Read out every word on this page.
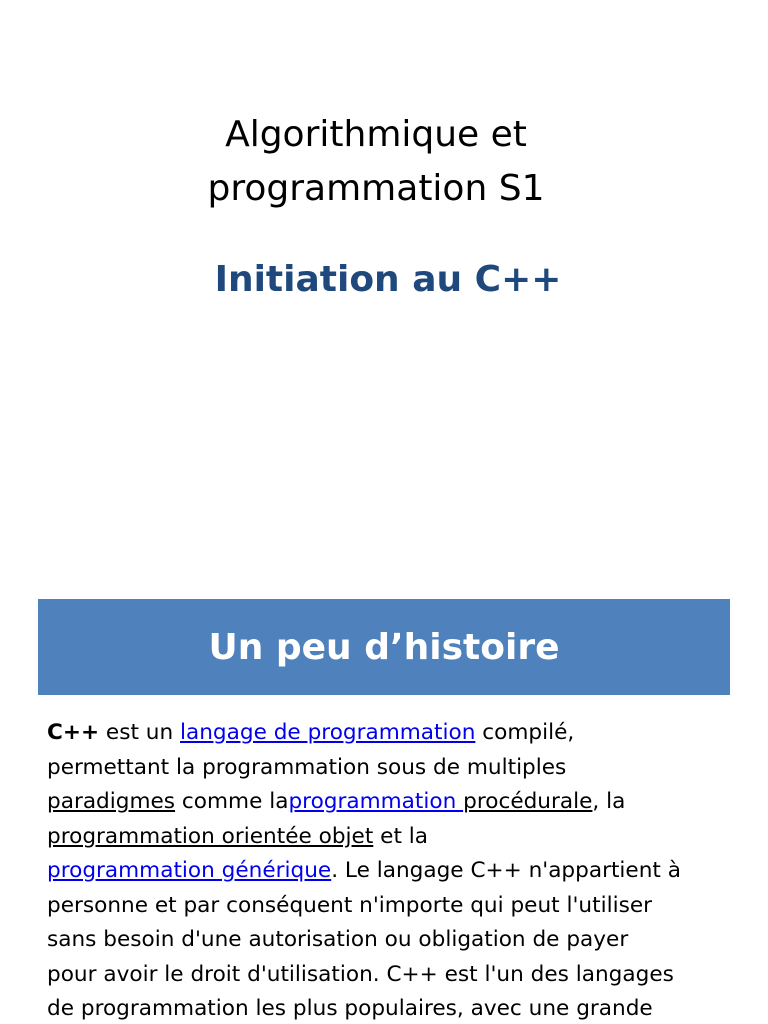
Algorithmique et
programmation S1
Initiation au C++
Un peu d’histoire
C++ est un langage de programmation compilé,
permettant la programmation sous de multiples
paradigmes comme laprogrammation procédurale, la
programmation orientée objet et la
programmation générique. Le langage C++ n'appartient à
personne et par conséquent n'importe qui peut l'utiliser
sans besoin d'une autorisation ou obligation de payer
pour avoir le droit d'utilisation. C++ est l'un des langages
de programmation les plus populaires, avec une grande
